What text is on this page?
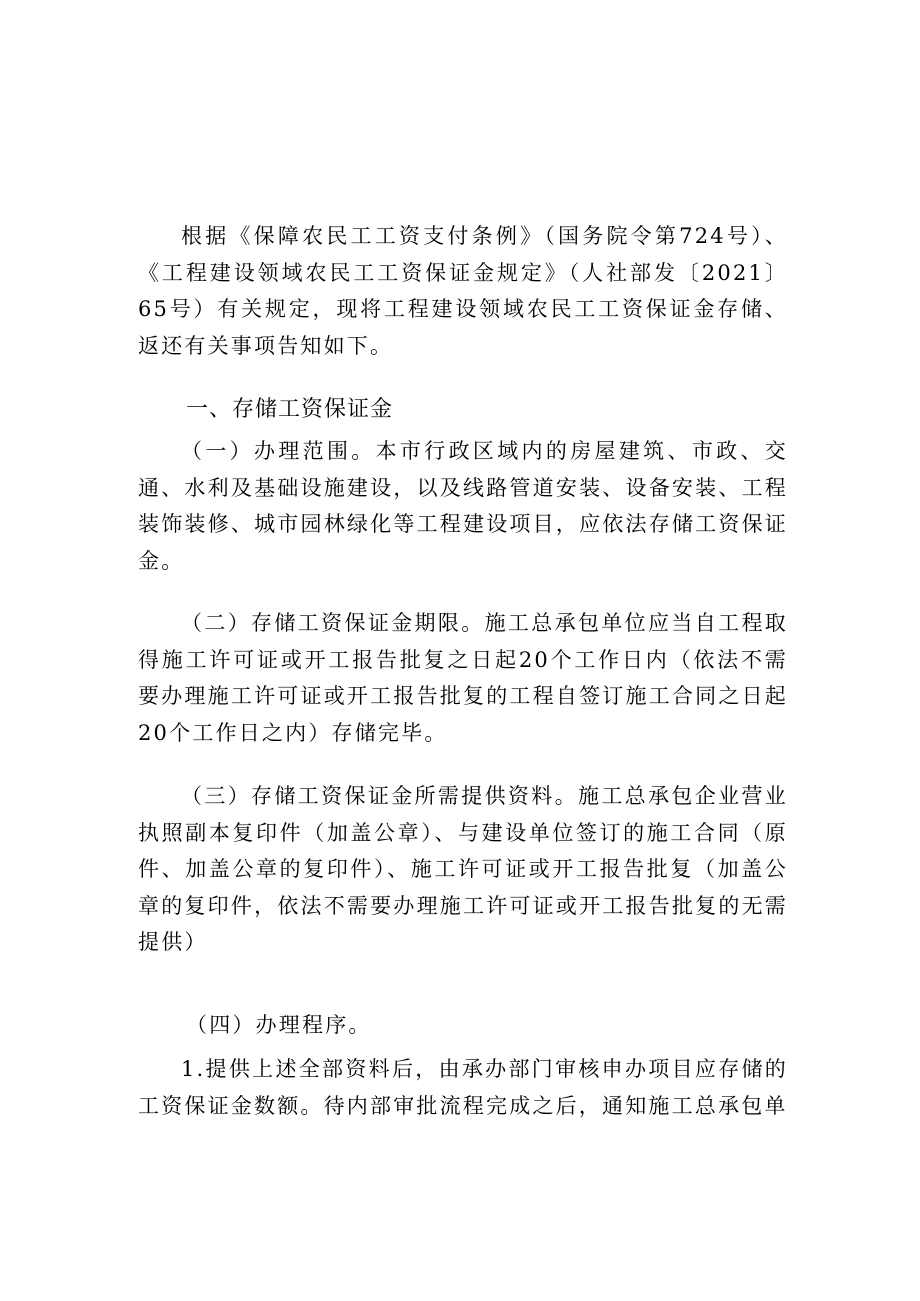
根据《保障农民工工资支付条例》（国务院令第724号）、《工程建设领域农民工工资保证金规定》（人社部发〔2021〕65号）有关规定，现将工程建设领域农民工工资保证金存储、返还有关事项告知如下。

一、存储工资保证金

（一）办理范围。本市行政区域内的房屋建筑、市政、交通、水利及基础设施建设，以及线路管道安装、设备安装、工程装饰装修、城市园林绿化等工程建设项目，应依法存储工资保证金。

（二）存储工资保证金期限。施工总承包单位应当自工程取得施工许可证或开工报告批复之日起20个工作日内（依法不需要办理施工许可证或开工报告批复的工程自签订施工合同之日起20个工作日之内）存储完毕。

（三）存储工资保证金所需提供资料。施工总承包企业营业执照副本复印件（加盖公章）、与建设单位签订的施工合同（原件、加盖公章的复印件）、施工许可证或开工报告批复（加盖公章的复印件，依法不需要办理施工许可证或开工报告批复的无需提供）

（四）办理程序。

1.提供上述全部资料后，由承办部门审核申办项目应存储的工资保证金数额。待内部审批流程完成之后，通知施工总承包单
